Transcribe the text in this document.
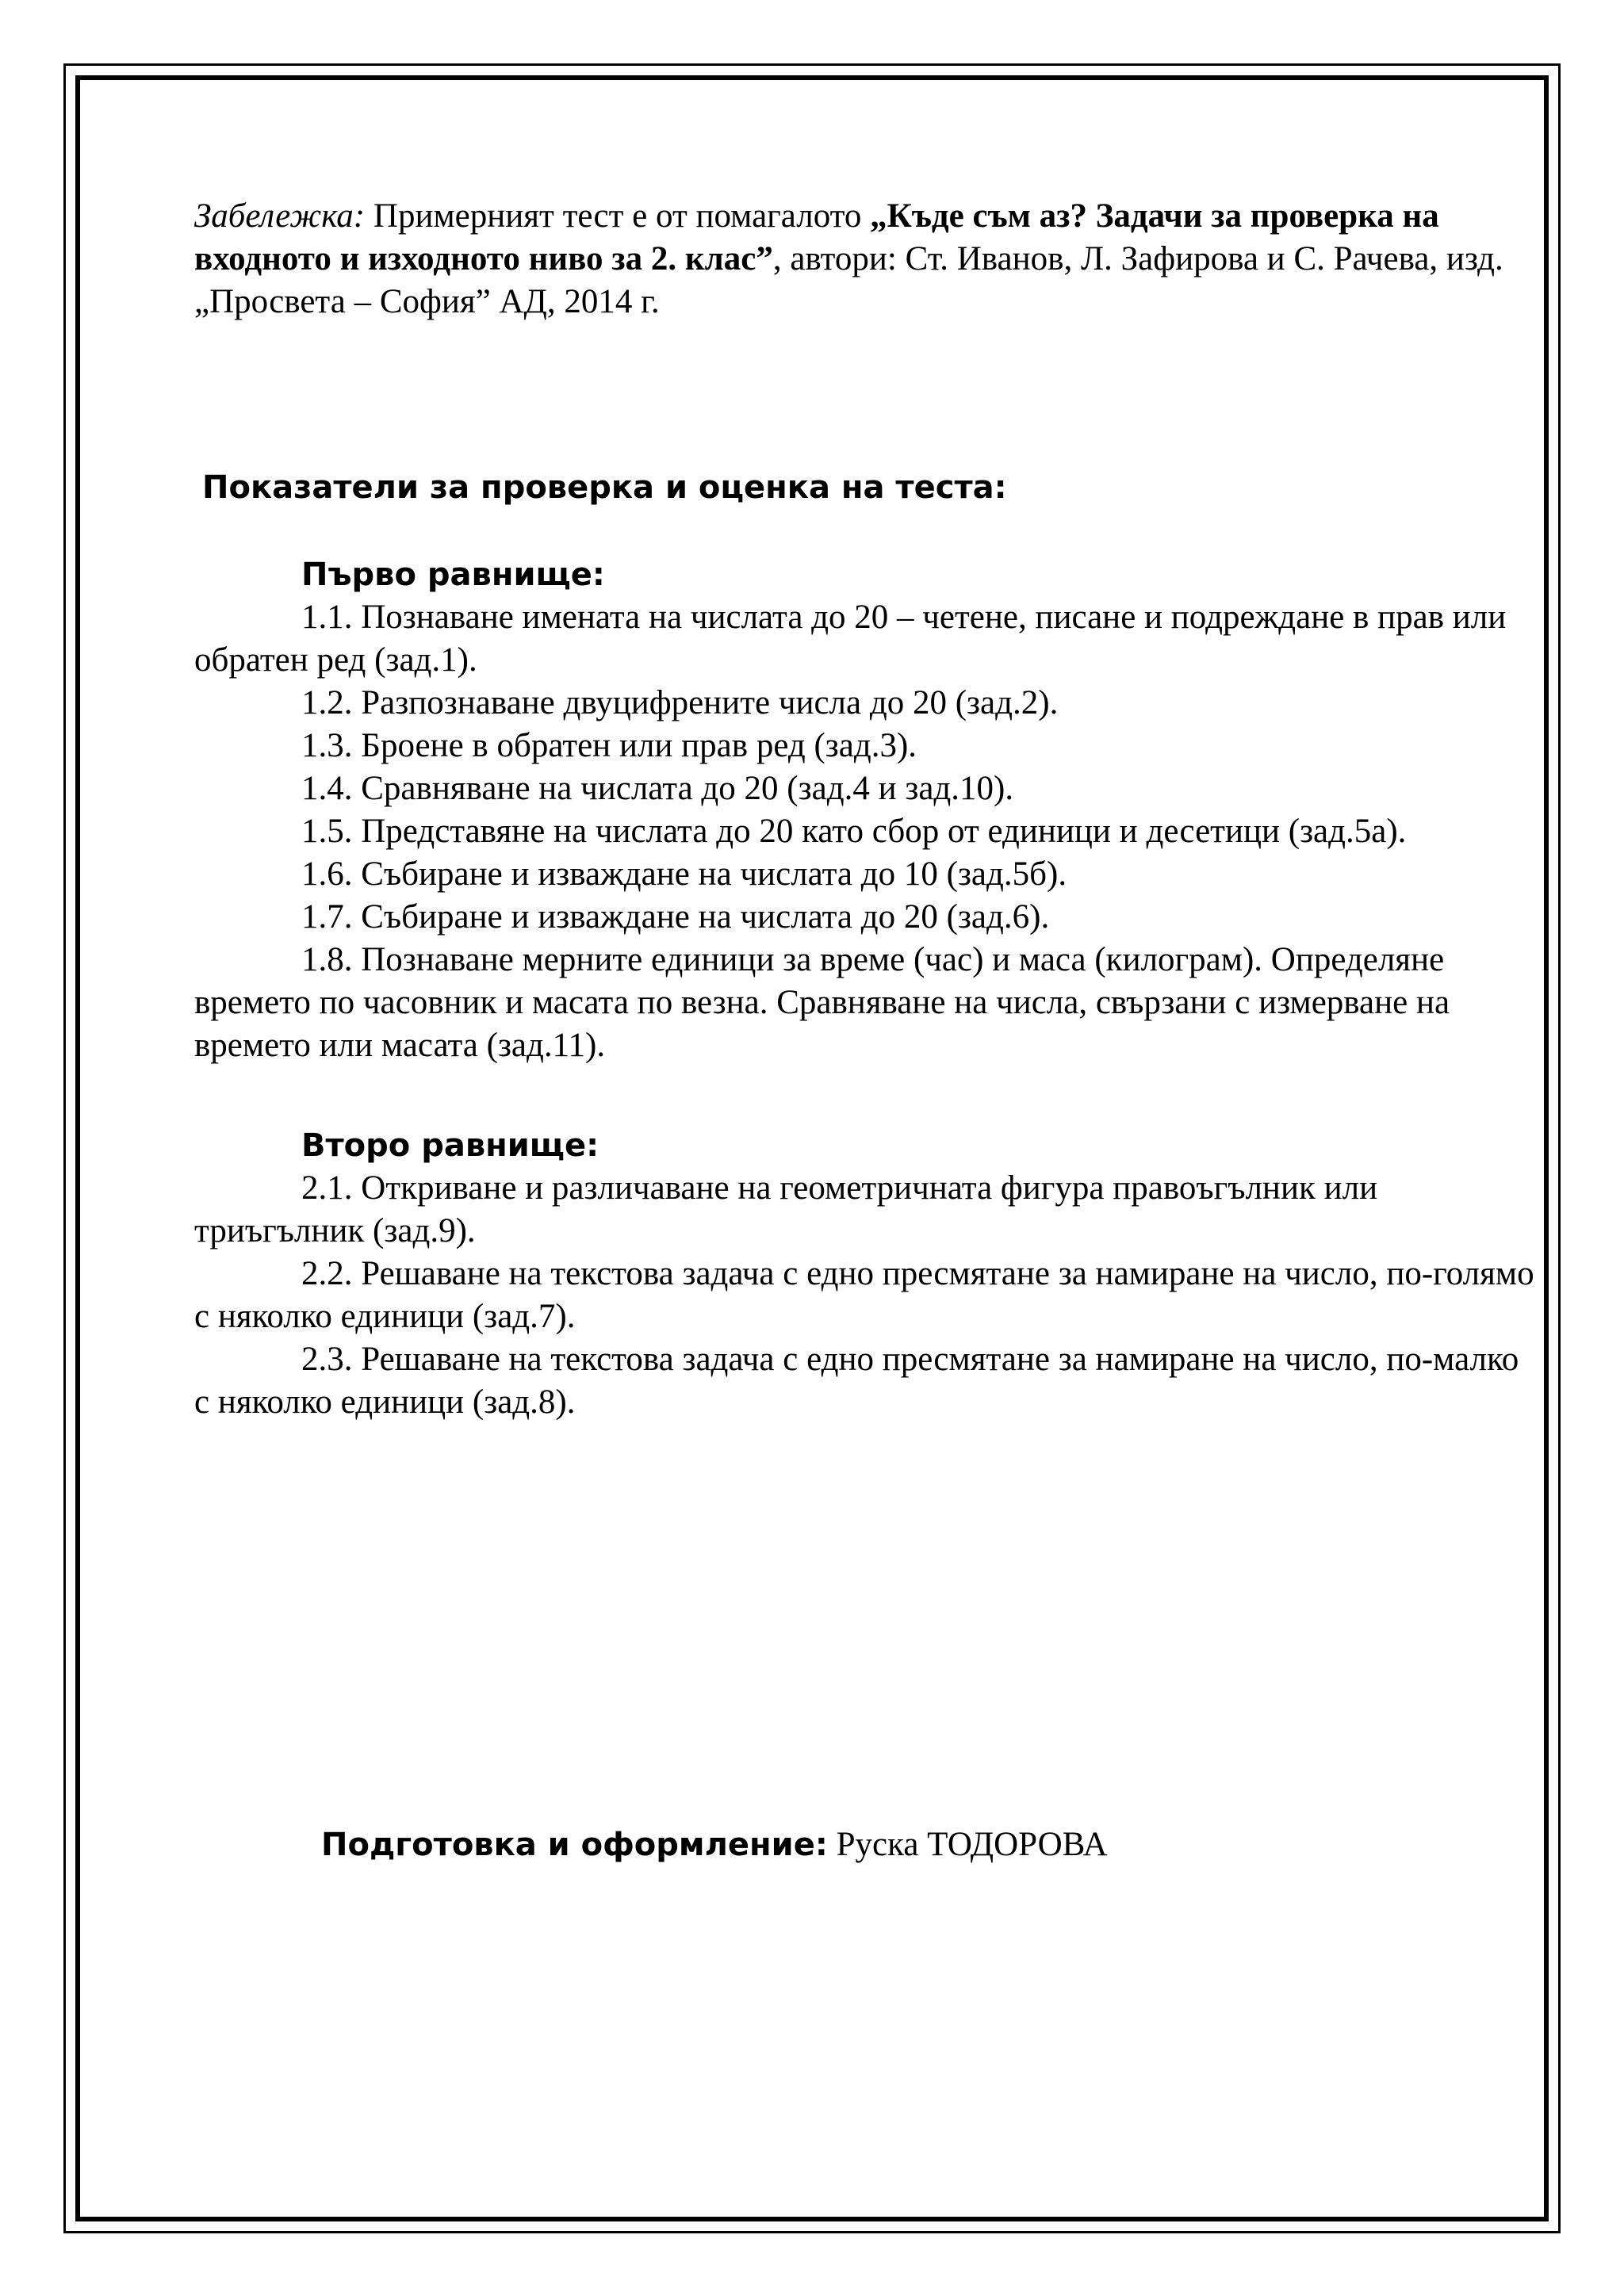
Забележка: Примерният тест е от помагалото „Къде съм аз? Задачи за проверка на входното и изходното ниво за 2. клас”, автори: Ст. Иванов, Л. Зафирова и С. Рачева, изд. „Просвета – София” АД, 2014 г.

Показатели за проверка и оценка на теста:
Първо равнище:
1.1. Познаване имената на числата до 20 – четене, писане и подреждане в прав или обратен ред (зад.1).
1.2. Разпознаване двуцифрените числа до 20 (зад.2).
1.3. Броене в обратен или прав ред (зад.3).
1.4. Сравняване на числата до 20 (зад.4 и зад.10).
1.5. Представяне на числата до 20 като сбор от единици и десетици (зад.5а).
1.6. Събиране и изваждане на числата до 10 (зад.5б).
1.7. Събиране и изваждане на числата до 20 (зад.6).
1.8. Познаване мерните единици за време (час) и маса (килограм). Определяне времето по часовник и масата по везна. Сравняване на числа, свързани с измерване на времето или масата (зад.11).
Второ равнище:
2.1. Откриване и различаване на геометричната фигура правоъгълник или триъгълник (зад.9).
2.2. Решаване на текстова задача с едно пресмятане за намиране на число, по-голямо с няколко единици (зад.7).
2.3. Решаване на текстова задача с едно пресмятане за намиране на число, по-малко с няколко единици (зад.8).

Подготовка и оформление: Руска ТОДОРОВА
